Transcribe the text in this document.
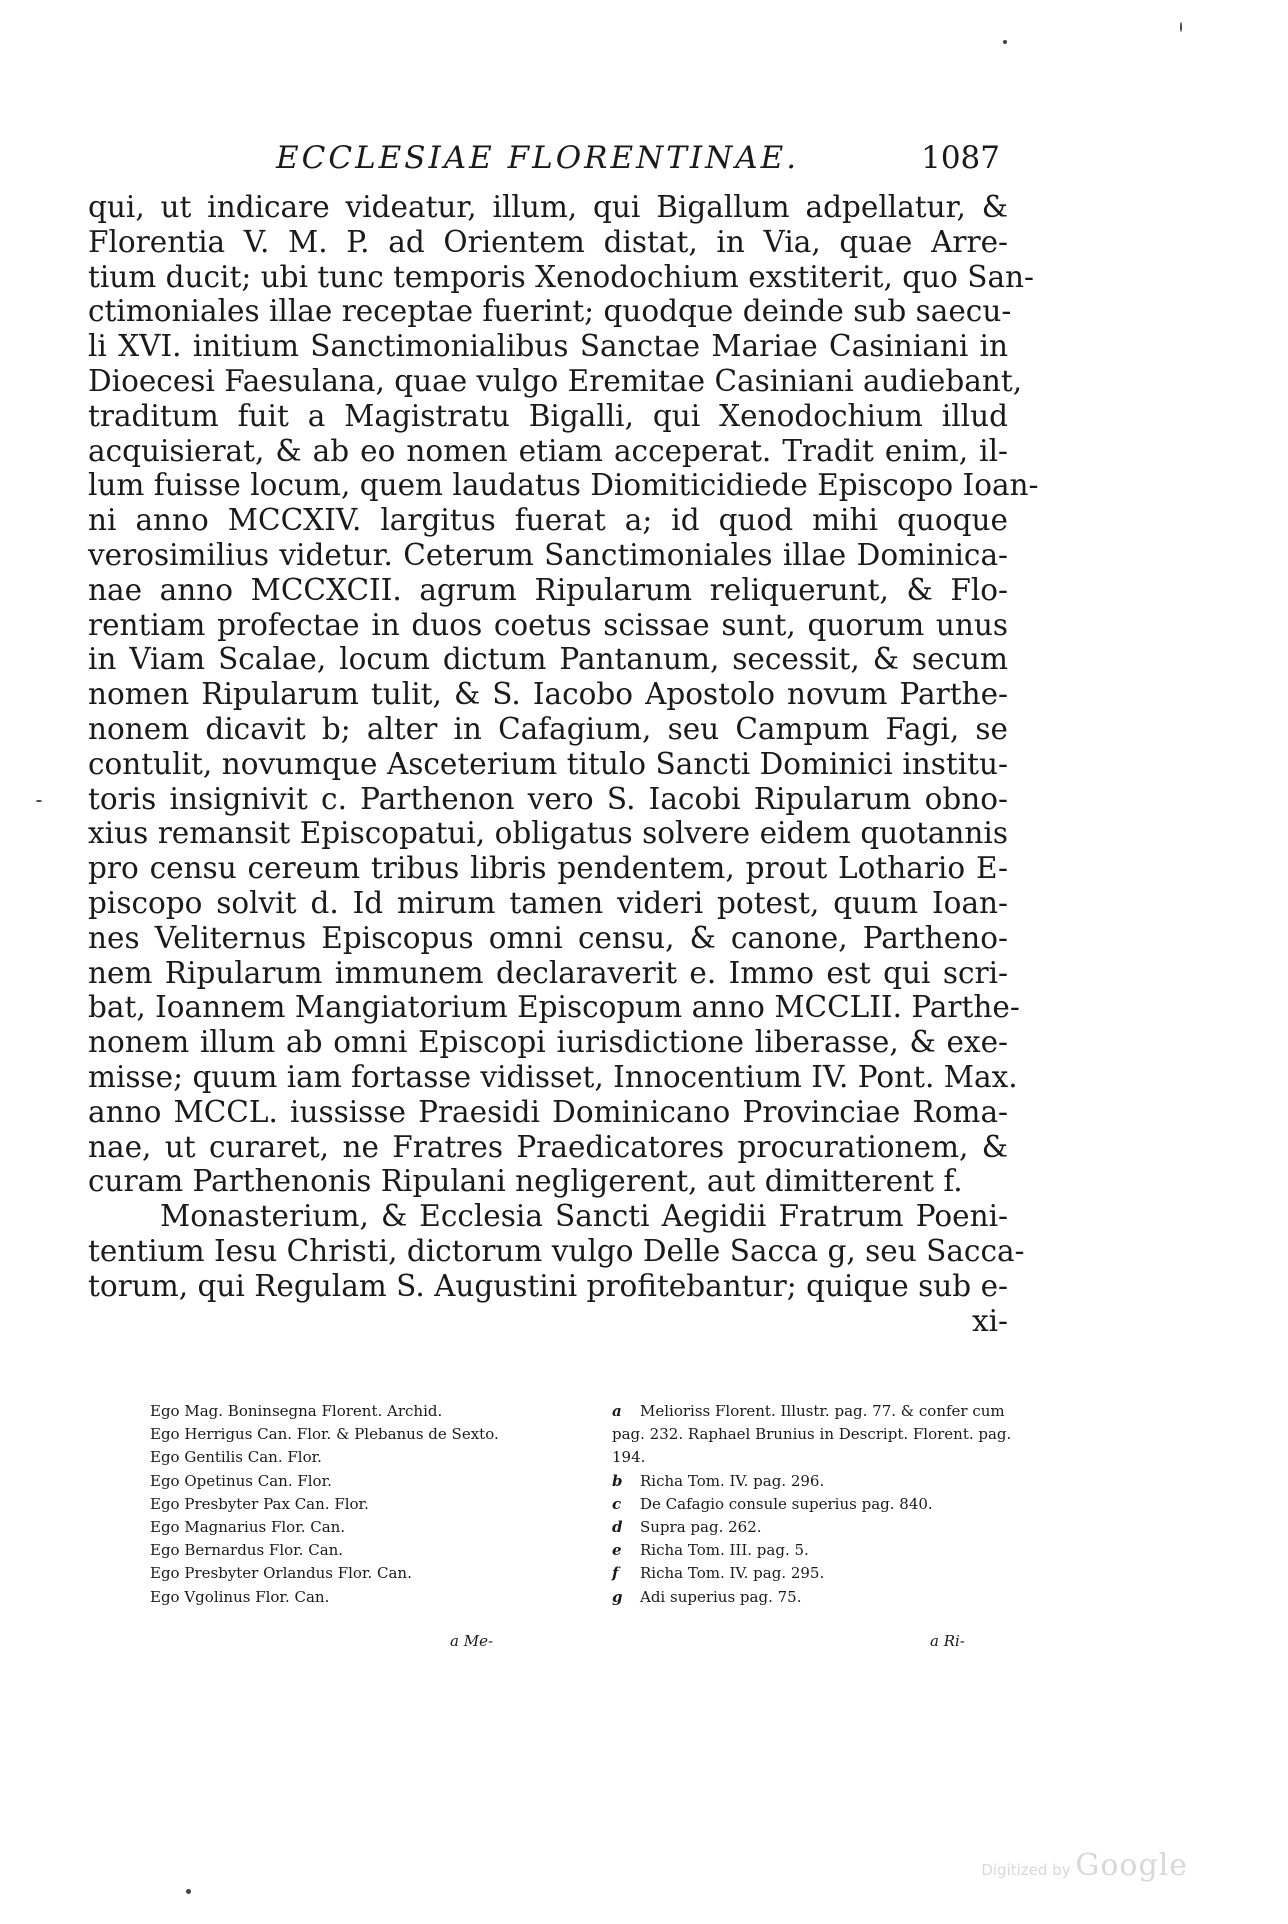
ECCLESIAE FLORENTINAE.	1087
qui, ut indicare videatur, illum, qui Bigallum adpellatur, &
Florentia V. M. P. ad Orientem distat, in Via, quae Arre-
tium ducit; ubi tunc temporis Xenodochium exstiterit, quo San-
ctimoniales illae receptae fuerint; quodque deinde sub saecu-
li XVI. initium Sanctimonialibus Sanctae Mariae Casiniani in
Dioecesi Faesulana, quae vulgo Eremitae Casiniani audiebant,
traditum fuit a Magistratu Bigalli, qui Xenodochium illud
acquisierat, & ab eo nomen etiam acceperat. Tradit enim, il-
lum fuisse locum, quem laudatus Diomiticidiede Episcopo Ioan-
ni anno MCCXIV. largitus fuerat a; id quod mihi quoque
verosimilius videtur. Ceterum Sanctimoniales illae Dominica-
nae anno MCCXCII. agrum Ripularum reliquerunt, & Flo-
rentiam profectae in duos coetus scissae sunt, quorum unus
in Viam Scalae, locum dictum Pantanum, secessit, & secum
nomen Ripularum tulit, & S. Iacobo Apostolo novum Parthe-
nonem dicavit b; alter in Cafagium, seu Campum Fagi, se
contulit, novumque Asceterium titulo Sancti Dominici institu-
toris insignivit c. Parthenon vero S. Iacobi Ripularum obno-
xius remansit Episcopatui, obligatus solvere eidem quotannis
pro censu cereum tribus libris pendentem, prout Lothario E-
piscopo solvit d. Id mirum tamen videri potest, quum Ioan-
nes Veliternus Episcopus omni censu, & canone, Partheno-
nem Ripularum immunem declaraverit e. Immo est qui scri-
bat, Ioannem Mangiatorium Episcopum anno MCCLII. Parthe-
nonem illum ab omni Episcopi iurisdictione liberasse, & exe-
misse; quum iam fortasse vidisset, Innocentium IV. Pont. Max.
anno MCCL. iussisse Praesidi Dominicano Provinciae Roma-
nae, ut curaret, ne Fratres Praedicatores procurationem, &
curam Parthenonis Ripulani negligerent, aut dimitterent f.
Monasterium, & Ecclesia Sancti Aegidii Fratrum Poeni-
tentium Iesu Christi, dictorum vulgo Delle Sacca g, seu Sacca-
torum, qui Regulam S. Augustini profitebantur; quique sub e-
xi-
Ego Mag. Boninsegna Florent. Archid.
Ego Herrigus Can. Flor. & Plebanus de Sexto.
Ego Gentilis Can. Flor.
Ego Opetinus Can. Flor.
Ego Presbyter Pax Can. Flor.
Ego Magnarius Flor. Can.
Ego Bernardus Flor. Can.
Ego Presbyter Orlandus Flor. Can.
Ego Vgolinus Flor. Can.
a Melioriss Florent. Illustr. pag. 77. & confer cum pag. 232. Raphael Brunius in Descript. Florent. pag. 194.
b Richa Tom. IV. pag. 296.
c De Cafagio consule superius pag. 840.
d Supra pag. 262.
e Richa Tom. III. pag. 5.
f Richa Tom. IV. pag. 295.
g Adi superius pag. 75.
a Me-	a Ri-
Digitized by Google
